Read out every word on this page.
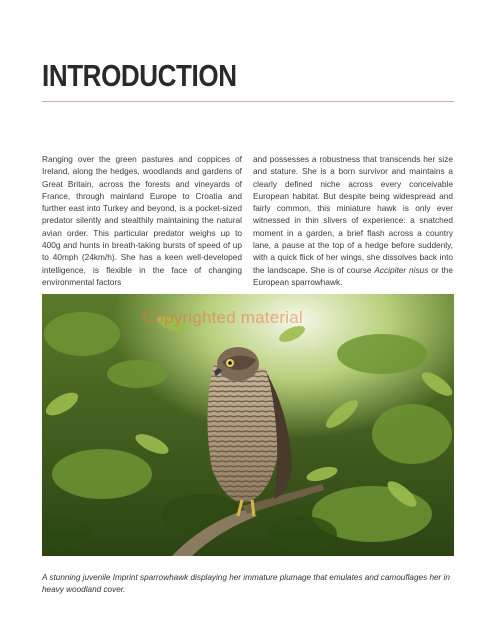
INTRODUCTION

Ranging over the green pastures and coppices of Ireland, along the hedges, woodlands and gardens of Great Britain, across the forests and vineyards of France, through mainland Europe to Croatia and further east into Turkey and beyond, is a pocket-sized predator silently and stealthily maintaining the natural avian order. This particular predator weighs up to 400g and hunts in breath-taking bursts of speed of up to 40mph (24km/h). She has a keen well-developed intelligence, is flexible in the face of changing environmental factors

and possesses a robustness that transcends her size and stature. She is a born survivor and maintains a clearly defined niche across every conceivable European habitat. But despite being widespread and fairly common, this miniature hawk is only ever witnessed in thin slivers of experience: a snatched moment in a garden, a brief flash across a country lane, a pause at the top of a hedge before suddenly, with a quick flick of her wings, she dissolves back into the landscape. She is of course Accipiter nisus or the European sparrowhawk.

Copyrighted material

A stunning juvenile Imprint sparrowhawk displaying her immature plumage that emulates and camouflages her in heavy woodland cover.
